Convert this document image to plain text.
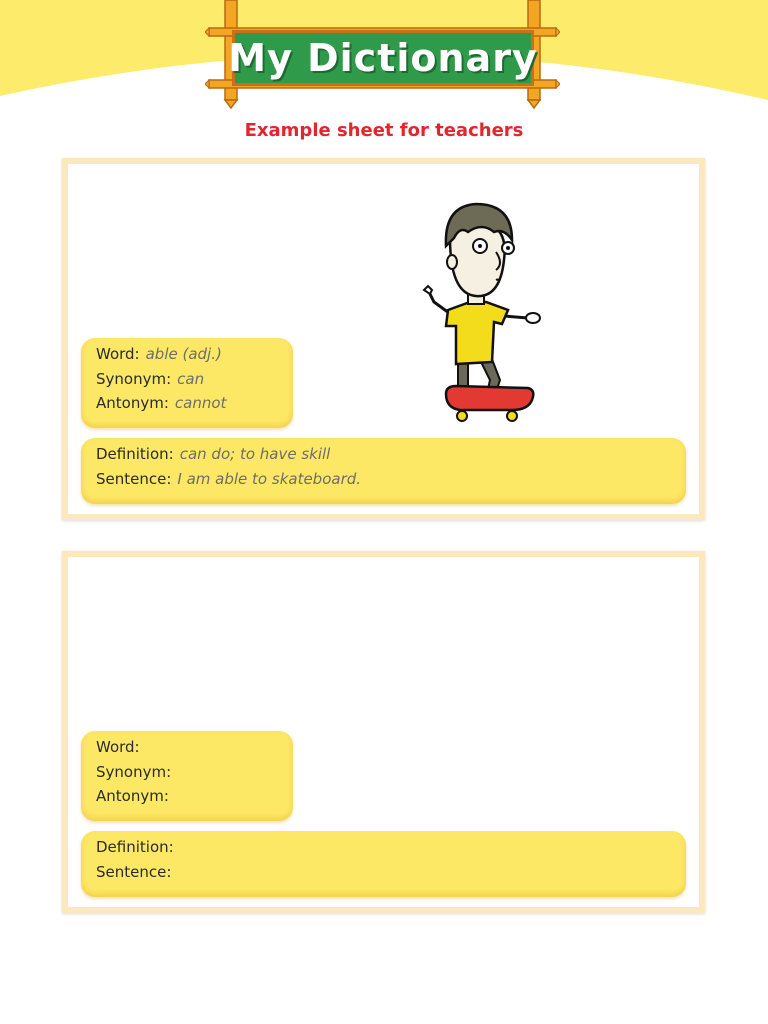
My Dictionary
Example sheet for teachers
Word: able (adj.)
Synonym: can
Antonym: cannot
Definition: can do; to have skill
Sentence: I am able to skateboard.
Word:
Synonym:
Antonym:
Definition:
Sentence:
